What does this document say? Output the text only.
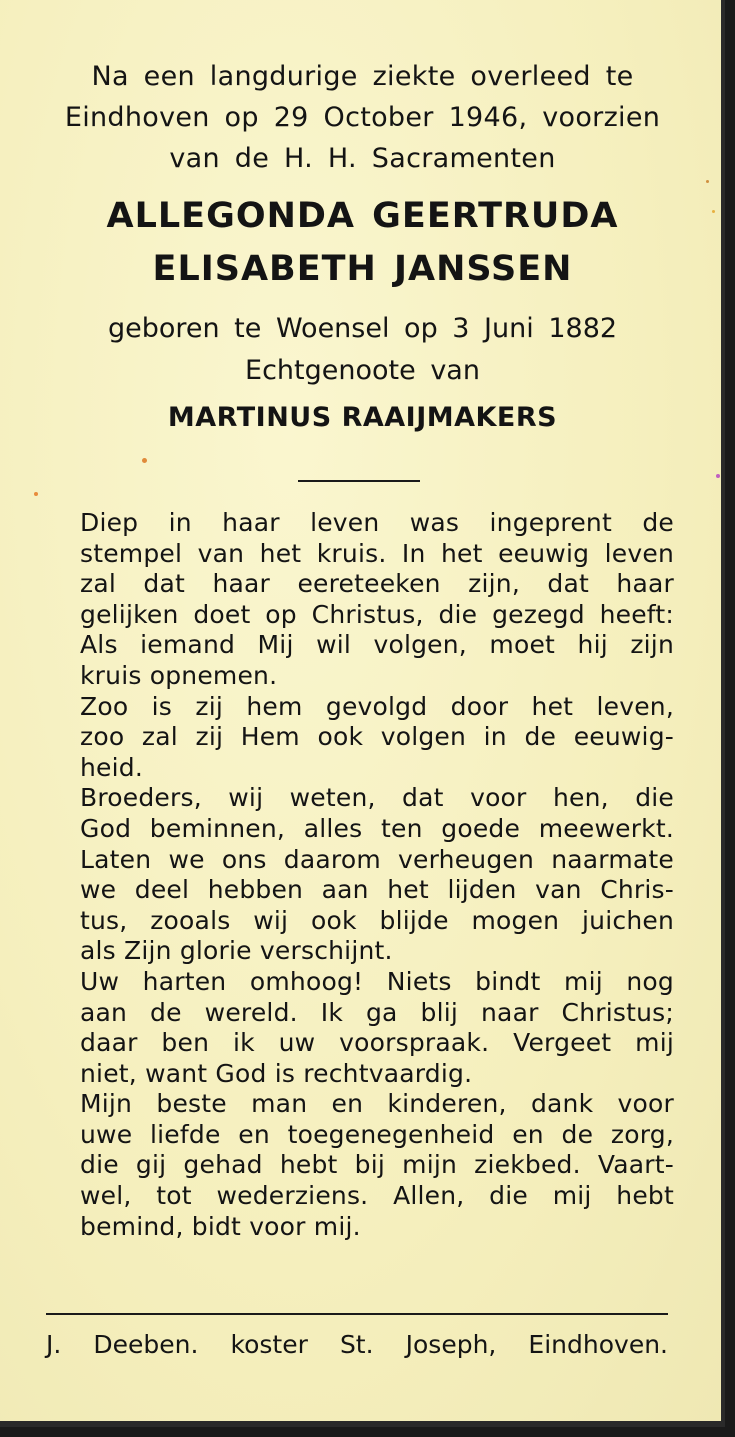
Na een langdurige ziekte overleed te
Eindhoven op 29 October 1946, voorzien
van de H. H. Sacramenten
ALLEGONDA GEERTRUDA
ELISABETH JANSSEN
geboren te Woensel op 3 Juni 1882
Echtgenoote van
MARTINUS RAAIJMAKERS

Diep in haar leven was ingeprent de
stempel van het kruis. In het eeuwig leven
zal dat haar eereteeken zijn, dat haar
gelijken doet op Christus, die gezegd heeft:
Als iemand Mij wil volgen, moet hij zijn
kruis opnemen.

Zoo is zij hem gevolgd door het leven,
zoo zal zij Hem ook volgen in de eeuwig-
heid.

Broeders, wij weten, dat voor hen, die
God beminnen, alles ten goede meewerkt.
Laten we ons daarom verheugen naarmate
we deel hebben aan het lijden van Chris-
tus, zooals wij ook blijde mogen juichen
als Zijn glorie verschijnt.

Uw harten omhoog! Niets bindt mij nog
aan de wereld. Ik ga blij naar Christus;
daar ben ik uw voorspraak. Vergeet mij
niet, want God is rechtvaardig.

Mijn beste man en kinderen, dank voor
uwe liefde en toegenegenheid en de zorg,
die gij gehad hebt bij mijn ziekbed. Vaart-
wel, tot wederziens. Allen, die mij hebt
bemind, bidt voor mij.

J. Deeben. koster St. Joseph, Eindhoven.
